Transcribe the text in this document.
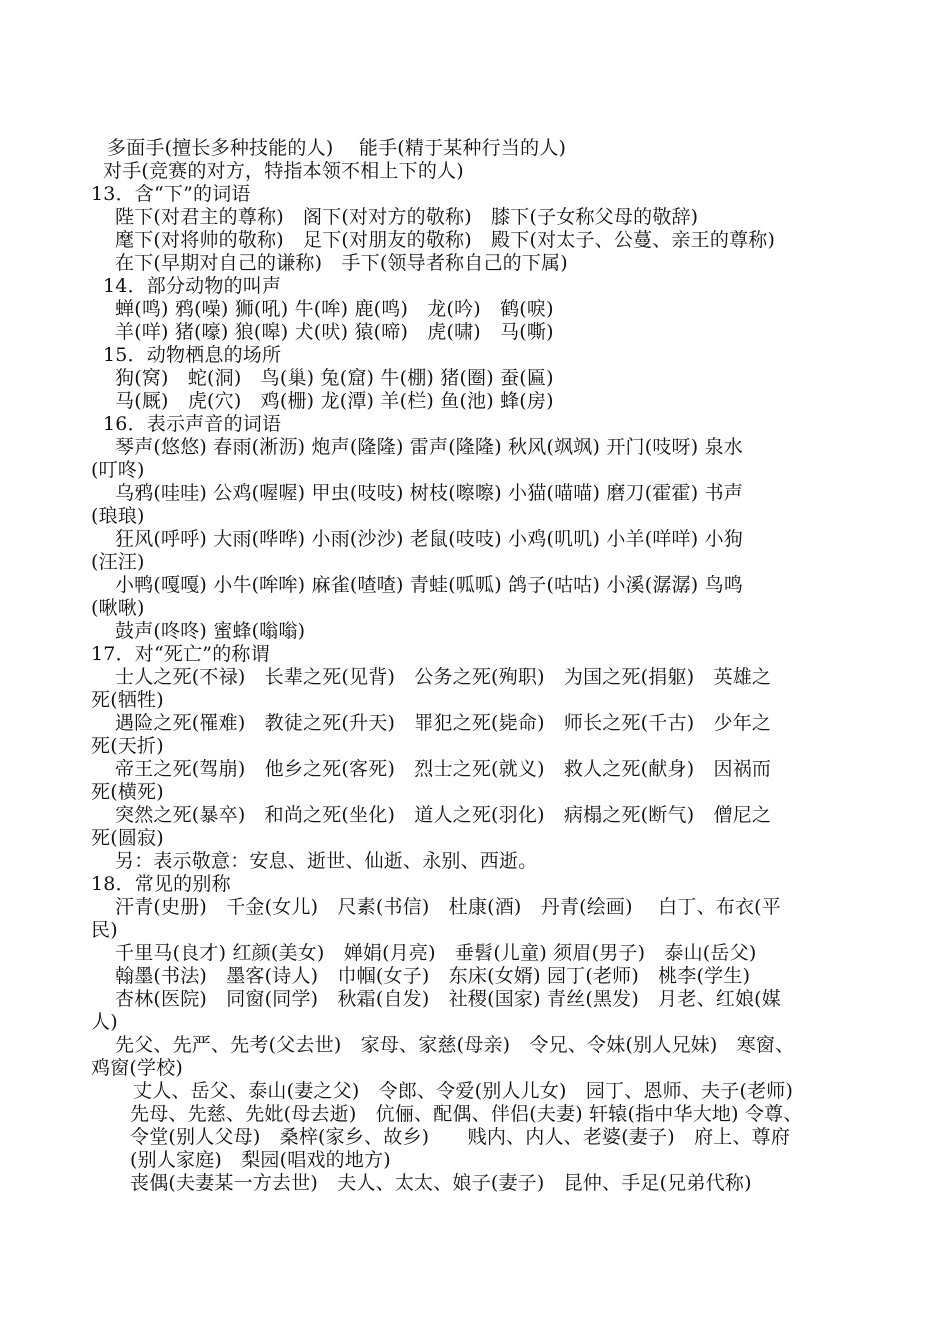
多面手(擅长多种技能的人)　 能手(精于某种行当的人)
对手(竞赛的对方，特指本领不相上下的人)
13．含“下”的词语
陛下(对君主的尊称)　阁下(对对方的敬称)　膝下(子女称父母的敬辞)
麾下(对将帅的敬称)　足下(对朋友的敬称)　殿下(对太子、公蔓、亲王的尊称)
在下(早期对自己的谦称)　手下(领导者称自己的下属)
14．部分动物的叫声
蝉(鸣) 鸦(噪) 狮(吼) 牛(哞) 鹿(鸣)　龙(吟)　鹤(唳)
羊(咩) 猪(嚎) 狼(嗥) 犬(吠) 猿(啼)　虎(啸)　马(嘶)
15．动物栖息的场所
狗(窝)　蛇(洞)　鸟(巢) 兔(窟) 牛(棚) 猪(圈) 蚕(匾)
马(厩)　虎(穴)　鸡(栅) 龙(潭) 羊(栏) 鱼(池) 蜂(房)
16．表示声音的词语
琴声(悠悠) 春雨(淅沥) 炮声(隆隆) 雷声(隆隆) 秋风(飒飒) 开门(吱呀) 泉水
(叮咚)
乌鸦(哇哇) 公鸡(喔喔) 甲虫(吱吱) 树枝(嚓嚓) 小猫(喵喵) 磨刀(霍霍) 书声
(琅琅)
狂风(呼呼) 大雨(哗哗) 小雨(沙沙) 老鼠(吱吱) 小鸡(叽叽) 小羊(咩咩) 小狗
(汪汪)
小鸭(嘎嘎) 小牛(哞哞) 麻雀(喳喳) 青蛙(呱呱) 鸽子(咕咕) 小溪(潺潺) 鸟鸣
(啾啾)
鼓声(咚咚) 蜜蜂(嗡嗡)
17．对“死亡”的称谓
士人之死(不禄)　长辈之死(见背)　公务之死(殉职)　为国之死(捐躯)　英雄之
死(牺牲)
遇险之死(罹难)　教徒之死(升天)　罪犯之死(毙命)　师长之死(千古)　少年之
死(天折)
帝王之死(驾崩)　他乡之死(客死)　烈士之死(就义)　救人之死(献身)　因祸而
死(横死)
突然之死(暴卒)　和尚之死(坐化)　道人之死(羽化)　病榻之死(断气)　僧尼之
死(圆寂)
另：表示敬意：安息、逝世、仙逝、永别、西逝。
18．常见的别称
汗青(史册)　千金(女儿)　尺素(书信)　杜康(酒)　丹青(绘画)　 白丁、布衣(平
民)
千里马(良才) 红颜(美女)　婵娟(月亮)　垂髫(儿童) 须眉(男子)　泰山(岳父)
翰墨(书法)　墨客(诗人)　巾帼(女子)　东床(女婿) 园丁(老师)　桃李(学生)
杏林(医院)　同窗(同学)　秋霜(自发)　社稷(国家) 青丝(黑发)　月老、红娘(媒
人)
先父、先严、先考(父去世)　家母、家慈(母亲)　令兄、令妹(别人兄妹)　寒窗、
鸡窗(学校)
丈人、岳父、泰山(妻之父)　令郎、令爱(别人儿女)　园丁、恩师、夫子(老师)
先母、先慈、先妣(母去逝)　伉俪、配偶、伴侣(夫妻) 轩辕(指中华大地) 令尊、
令堂(别人父母)　桑梓(家乡、故乡)　　贱内、内人、老婆(妻子)　府上、尊府
(别人家庭)　梨园(唱戏的地方)
丧偶(夫妻某一方去世)　夫人、太太、娘子(妻子)　昆仲、手足(兄弟代称)
